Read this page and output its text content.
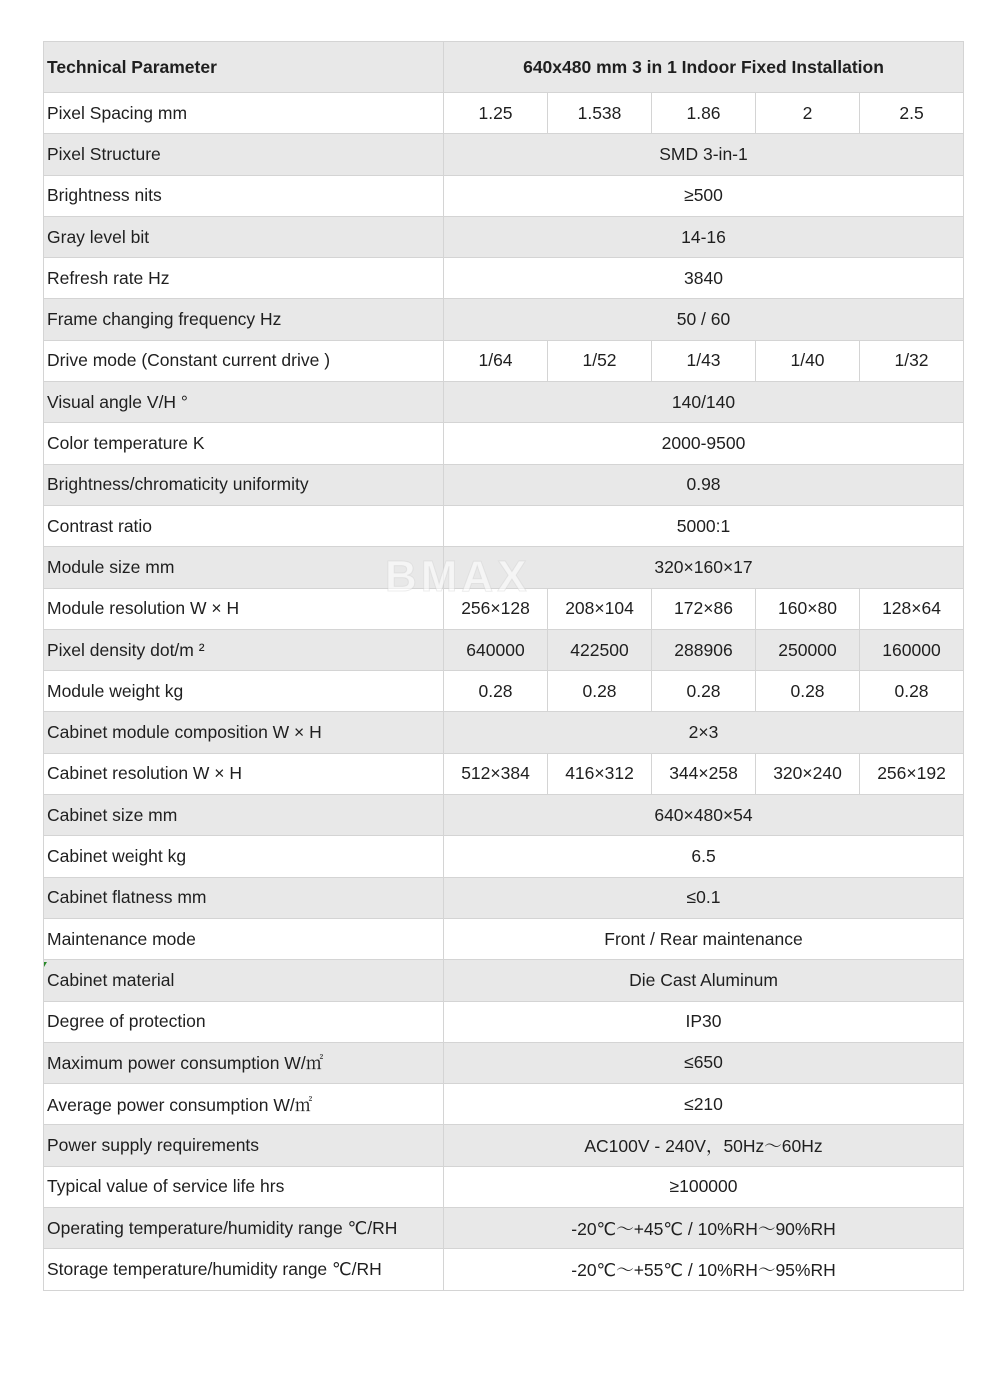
Technical Parameter	640x480 mm 3 in 1 Indoor Fixed Installation				
Pixel Spacing mm	1.25	1.538	1.86	2	2.5
Pixel Structure	SMD 3-in-1				
Brightness nits	≥500				
Gray level bit	14-16				
Refresh rate Hz	3840				
Frame changing frequency Hz	50 / 60				
Drive mode (Constant current drive )	1/64	1/52	1/43	1/40	1/32
Visual angle V/H °	140/140				
Color temperature K	2000-9500				
Brightness/chromaticity uniformity	0.98				
Contrast ratio	5000:1				
Module size mm	320×160×17				
Module resolution W × H	256×128	208×104	172×86	160×80	128×64
Pixel density dot/m ²	640000	422500	288906	250000	160000
Module weight kg	0.28	0.28	0.28	0.28	0.28
Cabinet module composition W × H	2×3				
Cabinet resolution W × H	512×384	416×312	344×258	320×240	256×192
Cabinet size mm	640×480×54				
Cabinet weight kg	6.5				
Cabinet flatness mm	≤0.1				
Maintenance mode	Front / Rear maintenance				
Cabinet material	Die Cast Aluminum				
Degree of protection	IP30				
Maximum power consumption W/㎡	≤650				
Average power consumption W/㎡	≤210				
Power supply requirements	AC100V - 240V，50Hz～60Hz				
Typical value of service life hrs	≥100000				
Operating temperature/humidity range ℃/RH	-20℃～+45℃ / 10%RH～90%RH				
Storage temperature/humidity range ℃/RH	-20℃～+55℃ / 10%RH～95%RH				
BMAX
